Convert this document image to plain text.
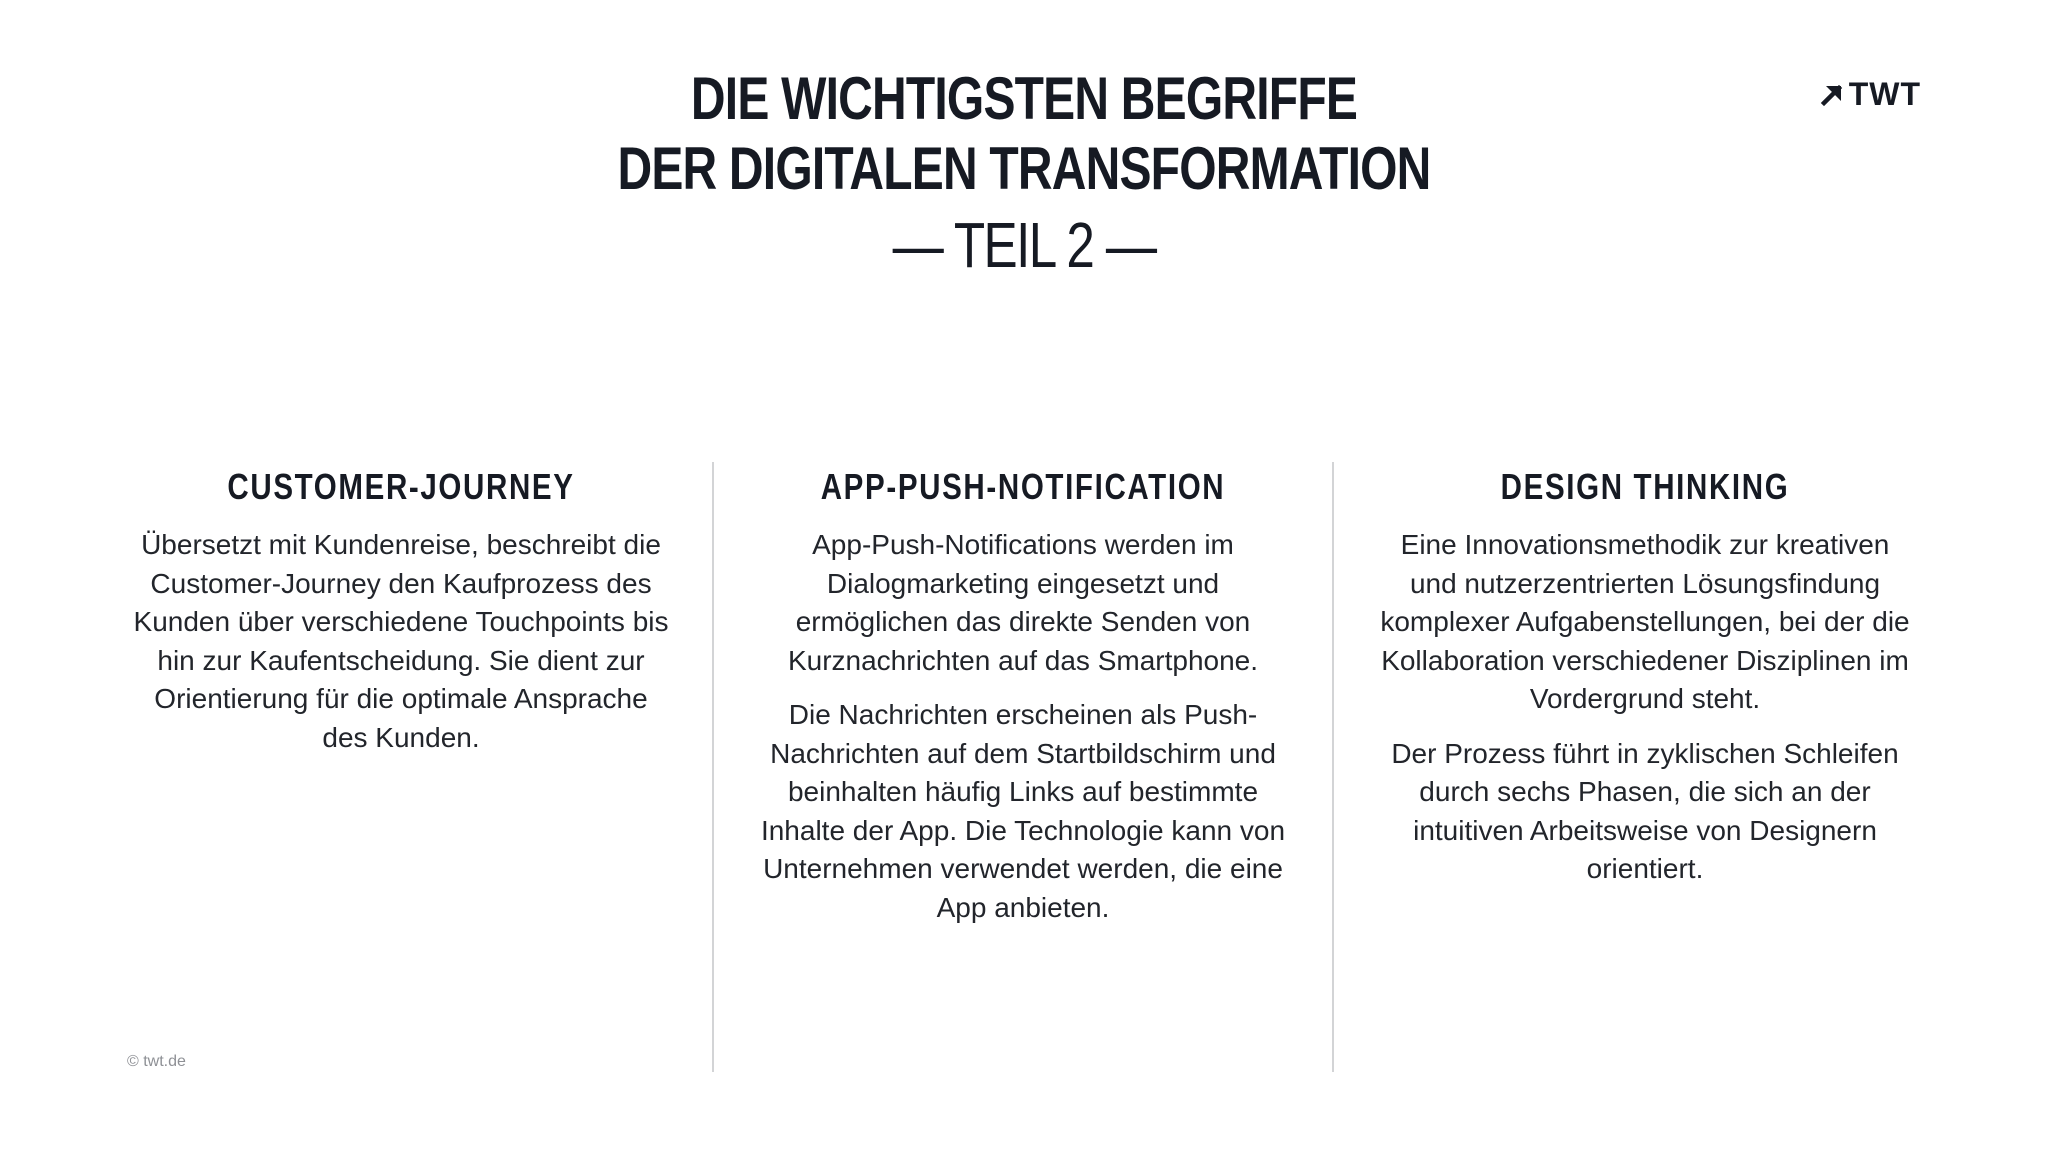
DIE WICHTIGSTEN BEGRIFFE
DER DIGITALEN TRANSFORMATION
— TEIL 2 —
TWT
CUSTOMER-JOURNEY

Übersetzt mit Kundenreise, beschreibt die Customer-Journey den Kaufprozess des Kunden über verschiedene Touchpoints bis hin zur Kaufentscheidung. Sie dient zur Orientierung für die optimale Ansprache des Kunden.

APP-PUSH-NOTIFICATION

App-Push-Notifications werden im Dialogmarketing eingesetzt und ermöglichen das direkte Senden von Kurznachrichten auf das Smartphone.

Die Nachrichten erscheinen als Push-Nachrichten auf dem Startbildschirm und beinhalten häufig Links auf bestimmte Inhalte der App. Die Technologie kann von Unternehmen verwendet werden, die eine App anbieten.

DESIGN THINKING

Eine Innovationsmethodik zur kreativen und nutzerzentrierten Lösungsfindung komplexer Aufgabenstellungen, bei der die Kollaboration verschiedener Disziplinen im Vordergrund steht.

Der Prozess führt in zyklischen Schleifen durch sechs Phasen, die sich an der intuitiven Arbeitsweise von Designern orientiert.

© twt.de
